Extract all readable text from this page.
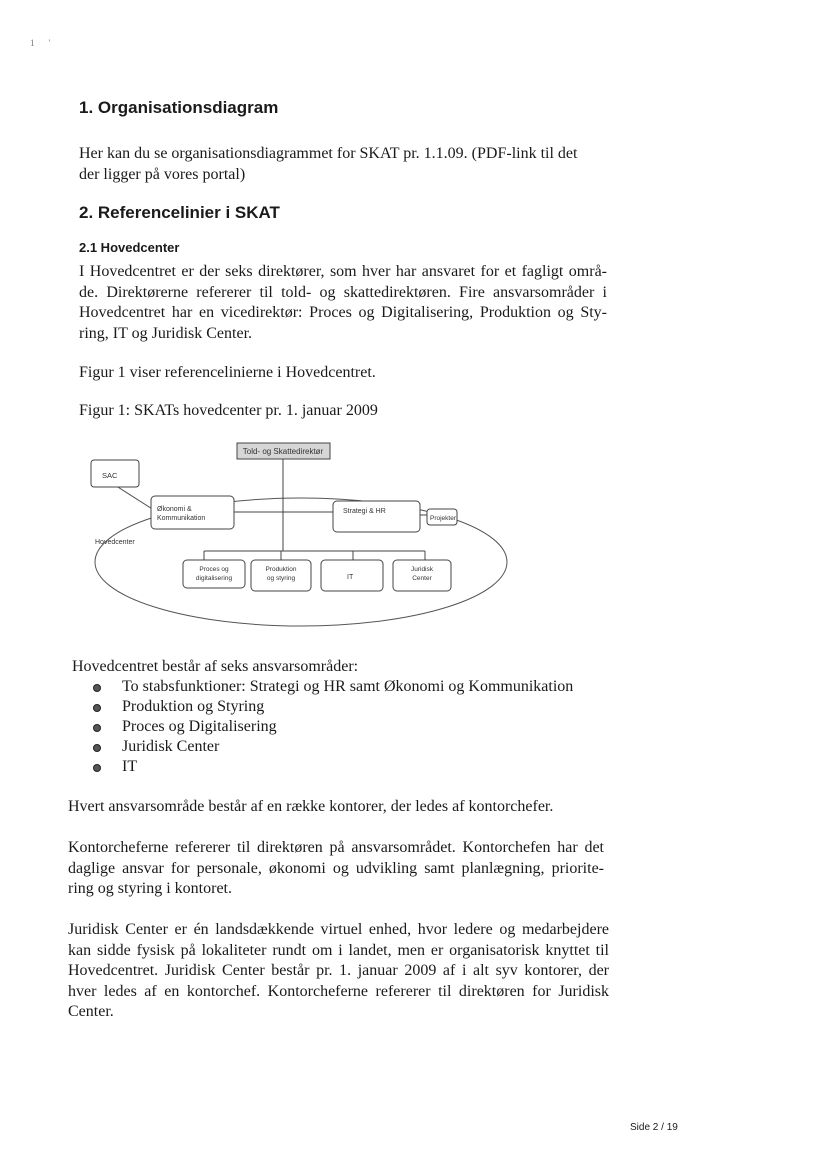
1'
1. Organisationsdiagram
Her kan du se organisationsdiagrammet for SKAT pr. 1.1.09. (PDF-link til det
der ligger på vores portal)
2. Referencelinier i SKAT
2.1 Hovedcenter
I Hovedcentret er der seks direktører, som hver har ansvaret for et fagligt områ-
de. Direktørerne refererer til told- og skattedirektøren. Fire ansvarsområder i
Hovedcentret har en vicedirektør: Proces og Digitalisering, Produktion og Sty-
ring, IT og Juridisk Center.
Figur 1 viser referencelinierne i Hovedcentret.
Figur 1: SKATs hovedcenter pr. 1. januar 2009
Told- og Skattedirektør
SAC
Økonomi &
Kommunikation
Strategi & HR
Projekter
Hovedcenter
Proces og
digitalisering
Produktion
og styring	IT
Juridisk
Center
Hovedcentret består af seks ansvarsområder:
To stabsfunktioner: Strategi og HR samt Økonomi og Kommunikation
Produktion og Styring
Proces og Digitalisering
Juridisk Center
IT
Hvert ansvarsområde består af en række kontorer, der ledes af kontorchefer.
Kontorcheferne refererer til direktøren på ansvarsområdet. Kontorchefen har det
daglige ansvar for personale, økonomi og udvikling samt planlægning, priorite-
ring og styring i kontoret.
Juridisk Center er én landsdækkende virtuel enhed, hvor ledere og medarbejdere
kan sidde fysisk på lokaliteter rundt om i landet, men er organisatorisk knyttet til
Hovedcentret. Juridisk Center består pr. 1. januar 2009 af i alt syv kontorer, der
hver ledes af en kontorchef. Kontorcheferne refererer til direktøren for Juridisk
Center.
Side 2 / 19
